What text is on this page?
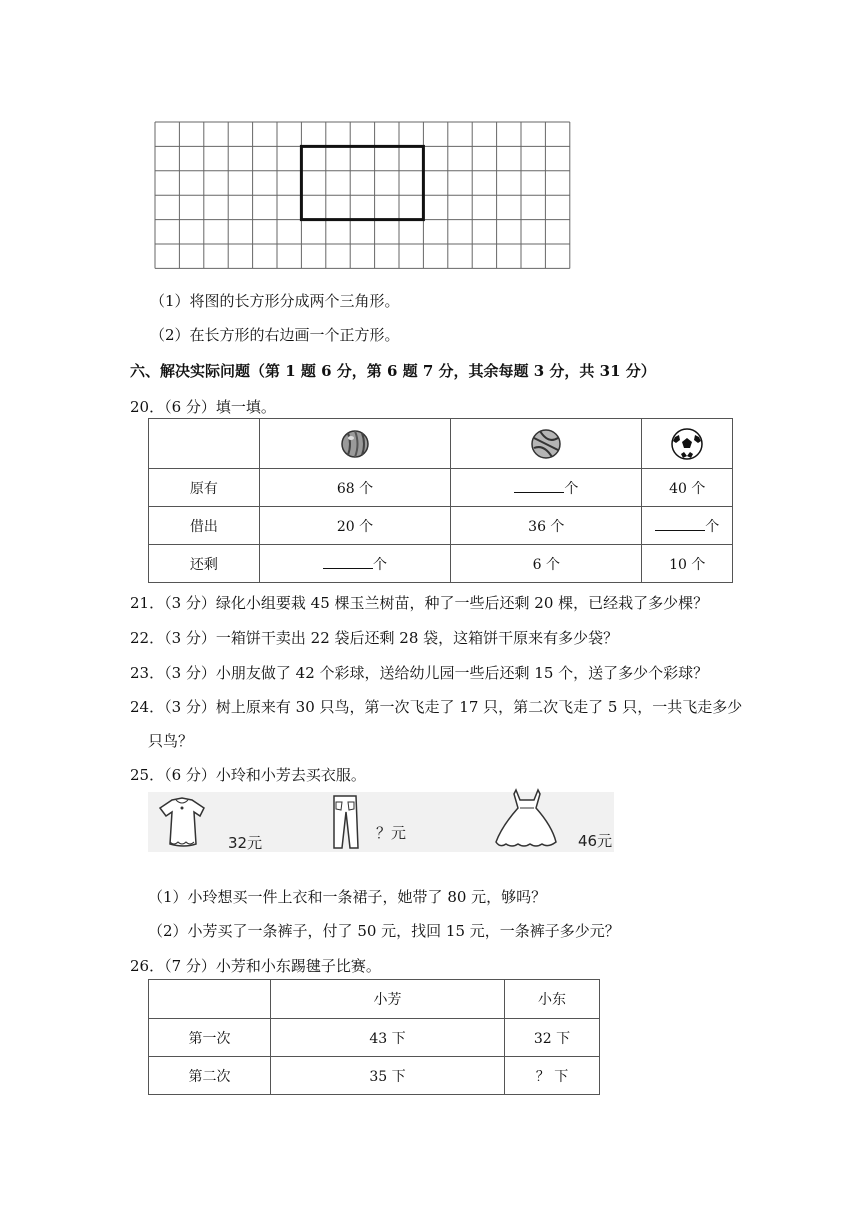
（1）将图的长方形分成两个三角形。
（2）在长方形的右边画一个正方形。
六、解决实际问题（第 1 题 6 分，第 6 题 7 分，其余每题 3 分，共 31 分）
20．（6 分）填一填。

原有	68 个	个	40 个
借出	20 个	36 个	个
还剩	个	6 个	10 个
21．（3 分）绿化小组要栽 45 棵玉兰树苗，种了一些后还剩 20 棵，已经栽了多少棵？
22．（3 分）一箱饼干卖出 22 袋后还剩 28 袋，这箱饼干原来有多少袋？
23．（3 分）小朋友做了 42 个彩球，送给幼儿园一些后还剩 15 个，送了多少个彩球？
24．（3 分）树上原来有 30 只鸟，第一次飞走了 17 只，第二次飞走了 5 只，一共飞走多少
只鸟？
25．（6 分）小玲和小芳去买衣服。
32元
？元	46元
（1）小玲想买一件上衣和一条裙子，她带了 80 元，够吗？
（2）小芳买了一条裤子，付了 50 元，找回 15 元，一条裤子多少元？
26．（7 分）小芳和小东踢毽子比赛。
	小芳	小东
第一次	43 下	32 下
第二次	35 下	？ 下
